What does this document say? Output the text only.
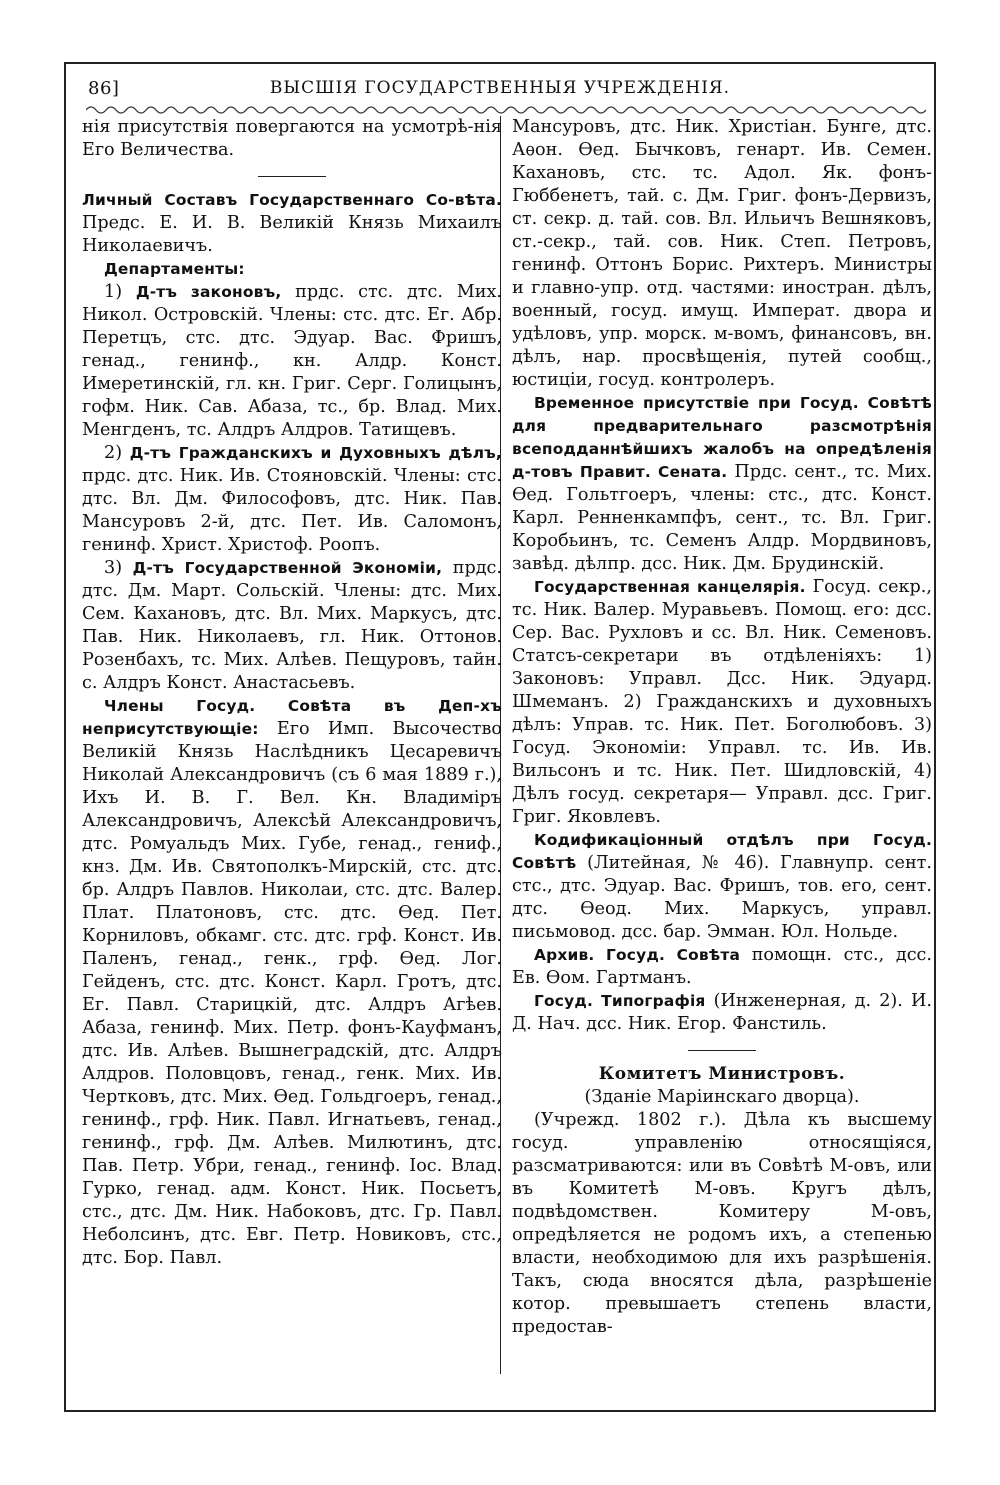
86]	ВЫСШІЯ ГОСУДАРСТВЕННЫЯ УЧРЕЖДЕНІЯ.

нія присутствія повергаются на усмотрѣ-нія Его Величества.

Личный Составъ Государственнаго Со-вѣта. Предс. Е. И. В. Великій Князь Михаилъ Николаевичъ.

Департаменты:

1) Д-тъ законовъ, прдс. стс. дтс. Мих. Никол. Островскій. Члены: стс. дтс. Ег. Абр. Перетцъ, стс. дтс. Эдуар. Вас. Фришъ, генад., генинф., кн. Алдр. Конст. Имеретинскій, гл. кн. Григ. Серг. Голицынъ, гофм. Ник. Сав. Абаза, тс., бр. Влад. Мих. Менгденъ, тс. Алдръ Алдров. Татищевъ.

2) Д-тъ Гражданскихъ и Духовныхъ дѣлъ, прдс. дтс. Ник. Ив. Стояновскій. Члены: стс. дтс. Вл. Дм. Философовъ, дтс. Ник. Пав. Мансуровъ 2-й, дтс. Пет. Ив. Саломонъ, генинф. Христ. Христоф. Роопъ.

3) Д-тъ Государственной Экономіи, прдс. дтс. Дм. Март. Сольскій. Члены: дтс. Мих. Сем. Кахановъ, дтс. Вл. Мих. Маркусъ, дтс. Пав. Ник. Николаевъ, гл. Ник. Оттонов. Розенбахъ, тс. Мих. Алѣев. Пещуровъ, тайн. с. Алдръ Конст. Анастасьевъ.

Члены Госуд. Совѣта въ Деп-хъ неприсутствующіе: Его Имп. Высочество Великій Князь Наслѣдникъ Цесаревичъ Николай Александровичъ (съ 6 мая 1889 г.), Ихъ И. В. Г. Вел. Кн. Владиміръ Александровичъ, Алексѣй Александровичъ, дтс. Ромуальдъ Мих. Губе, генад., гениф., кнз. Дм. Ив. Святополкъ-Мирскій, стс. дтс. бр. Алдръ Павлов. Николаи, стс. дтс. Валер. Плат. Платоновъ, стс. дтс. Ѳед. Пет. Корниловъ, обкамг. стс. дтс. грф. Конст. Ив. Паленъ, генад., генк., грф. Ѳед. Лог. Гейденъ, стс. дтс. Конст. Карл. Гротъ, дтс. Ег. Павл. Старицкій, дтс. Алдръ Агѣев. Абаза, генинф. Мих. Петр. фонъ-Кауфманъ, дтс. Ив. Алѣев. Вышнеградскій, дтс. Алдръ Алдров. Половцовъ, генад., генк. Мих. Ив. Чертковъ, дтс. Мих. Ѳед. Гольдгоеръ, генад., генинф., грф. Ник. Павл. Игнатьевъ, генад., генинф., грф. Дм. Алѣев. Милютинъ, дтс. Пав. Петр. Убри, генад., генинф. Іос. Влад. Гурко, генад. адм. Конст. Ник. Посьетъ, стс., дтс. Дм. Ник. Набоковъ, дтс. Гр. Павл. Неболсинъ, дтс. Евг. Петр. Новиковъ, стс., дтс. Бор. Павл.

Мансуровъ, дтс. Ник. Христіан. Бунге, дтс. Аѳон. Ѳед. Бычковъ, генарт. Ив. Семен. Кахановъ, стс. тс. Адол. Як. фонъ-Гюббенетъ, тай. с. Дм. Григ. фонъ-Дервизъ, ст. секр. д. тай. сов. Вл. Ильичъ Вешняковъ, ст.-секр., тай. сов. Ник. Степ. Петровъ, генинф. Оттонъ Борис. Рихтеръ. Министры и главно-упр. отд. частями: иностран. дѣлъ, военный, госуд. имущ. Императ. двора и удѣловъ, упр. морск. м-вомъ, финансовъ, вн. дѣлъ, нар. просвѣщенія, путей сообщ., юстиціи, госуд. контролеръ.

Временное присутствіе при Госуд. Совѣтѣ для предварительнаго разсмотрѣнія всеподданнѣйшихъ жалобъ на опредѣленія д-товъ Правит. Сената. Прдс. сент., тс. Мих. Ѳед. Гольтгоеръ, члены: стс., дтс. Конст. Карл. Ренненкампфъ, сент., тс. Вл. Григ. Коробьинъ, тс. Семенъ Алдр. Мордвиновъ, завѣд. дѣлпр. дсс. Ник. Дм. Брудинскій.

Государственная канцелярія. Госуд. секр., тс. Ник. Валер. Муравьевъ. Помощ. его: дсс. Сер. Вас. Рухловъ и сс. Вл. Ник. Семеновъ. Статсъ-секретари въ отдѣленіяхъ: 1) Законовъ: Управл. Дсс. Ник. Эдуард. Шмеманъ. 2) Гражданскихъ и духовныхъ дѣлъ: Управ. тс. Ник. Пет. Боголюбовъ. 3) Госуд. Экономіи: Управл. тс. Ив. Ив. Вильсонъ и тс. Ник. Пет. Шидловскій, 4) Дѣлъ госуд. секретаря— Управл. дсс. Григ. Григ. Яковлевъ.

Кодификаціонный отдѣлъ при Госуд. Совѣтѣ (Литейная, № 46). Главнупр. сент. стс., дтс. Эдуар. Вас. Фришъ, тов. его, сент. дтс. Ѳеод. Мих. Маркусъ, управл. письмовод. дсс. бар. Эмман. Юл. Нольде.

Архив. Госуд. Совѣта помощн. стс., дсс. Ев. Ѳом. Гартманъ.

Госуд. Типографія (Инженерная, д. 2). И. Д. Нач. дсс. Ник. Егор. Фанстиль.

Комитетъ Министровъ.

(Зданіе Маріинскаго дворца).

(Учрежд. 1802 г.). Дѣла къ высшему госуд. управленію относящіяся, разсматриваются: или въ Совѣтѣ М-овъ, или въ Комитетѣ М-овъ. Кругъ дѣлъ, подвѣдомствен. Комитеру М-овъ, опредѣляется не родомъ ихъ, а степенью власти, необходимою для ихъ разрѣшенія. Такъ, сюда вносятся дѣла, разрѣшеніе котор. превышаетъ степень власти, предостав-
